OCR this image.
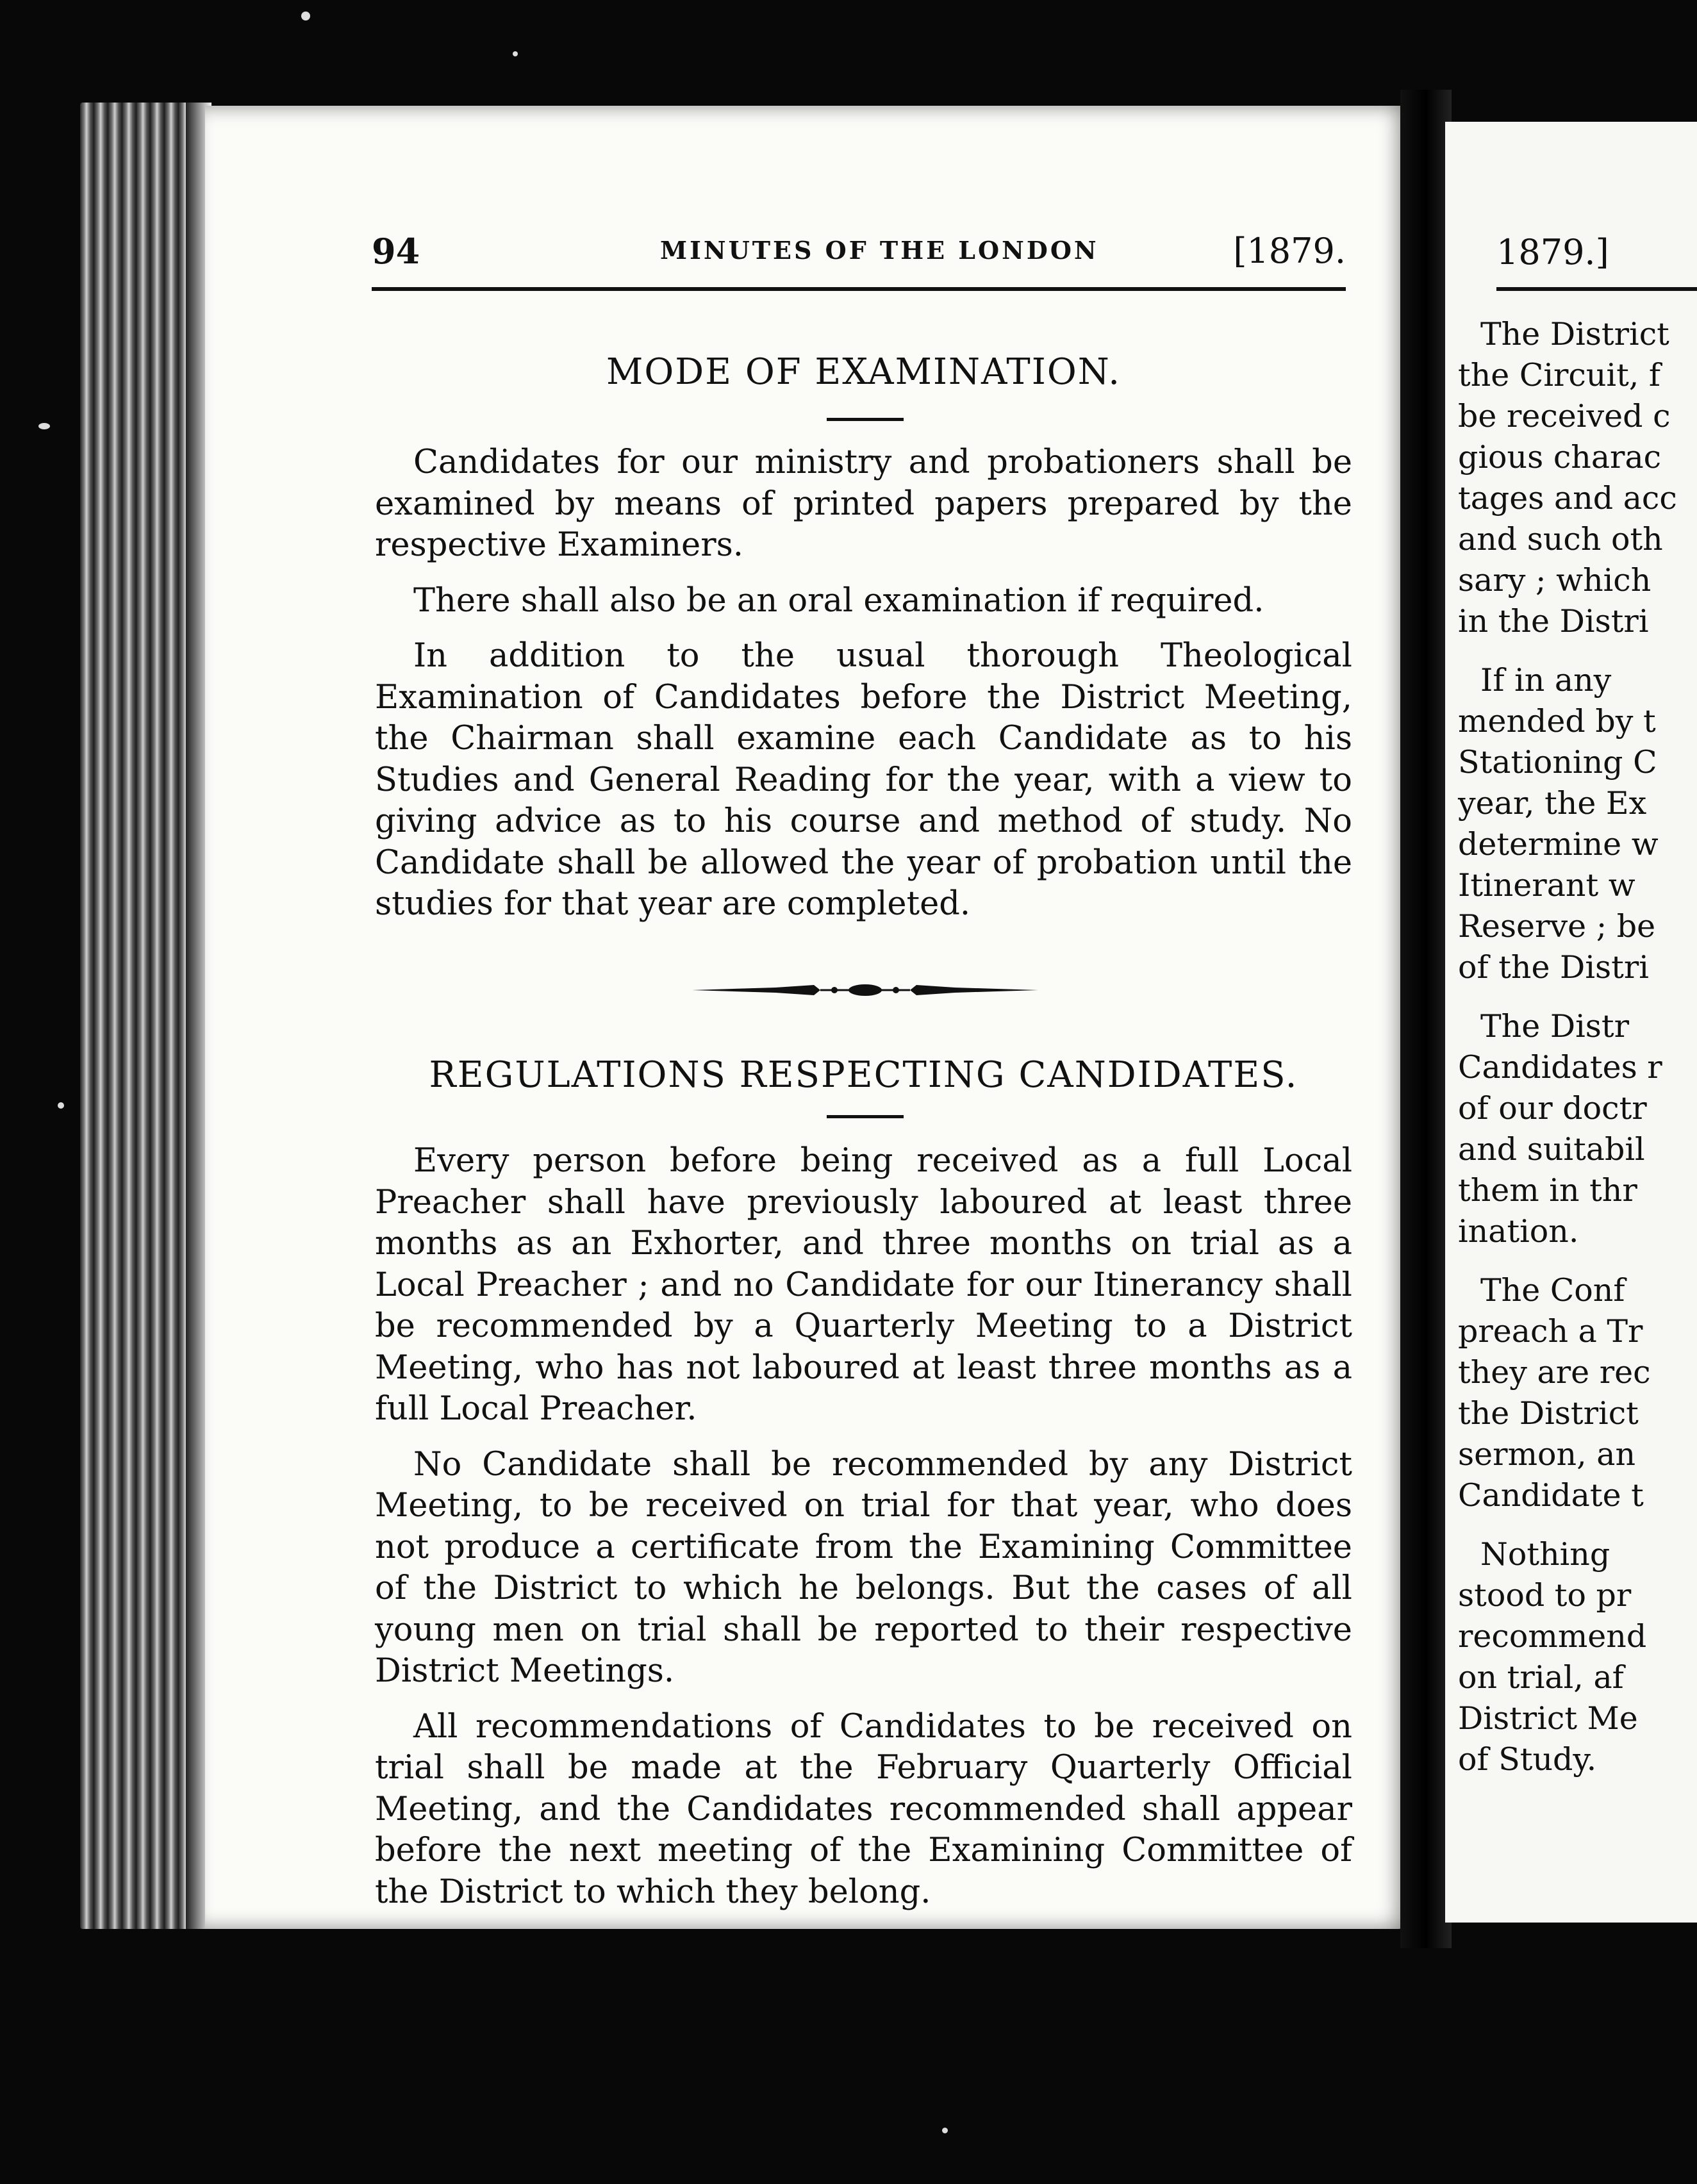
The District
the Circuit, f
be received c
gious charac
tages and acc
and such oth
sary ; which
in the Distri

If in any
mended by t
Stationing C
year, the Ex
determine w
Itinerant w
Reserve ; be
of the Distri

The Distr
Candidates r
of our doctr
and suitabil
them in thr
ination.

The Conf
preach a Tr
they are rec
the District
sermon, an
Candidate t

Nothing
stood to pr
recommend
on trial, af
District Me
of Study.

1879.]
94	MINUTES OF THE LONDON	[1879.
MODE OF EXAMINATION.

Candidates for our ministry and probationers shall be examined by means of printed papers prepared by the respective Examiners.

There shall also be an oral examination if required.

In addition to the usual thorough Theological Examination of Candidates before the District Meeting, the Chairman shall examine each Candidate as to his Studies and General Reading for the year, with a view to giving advice as to his course and method of study. No Candidate shall be allowed the year of probation until the studies for that year are completed.

REGULATIONS RESPECTING CANDIDATES.

Every person before being received as a full Local Preacher shall have previously laboured at least three months as an Exhorter, and three months on trial as a Local Preacher ; and no Candidate for our Itinerancy shall be recommended by a Quarterly Meeting to a District Meeting, who has not laboured at least three months as a full Local Preacher.

No Candidate shall be recommended by any District Meeting, to be received on trial for that year, who does not produce a certificate from the Examining Committee of the District to which he belongs. But the cases of all young men on trial shall be reported to their respective District Meetings.

All recommendations of Candidates to be received on trial shall be made at the February Quarterly Official Meeting, and the Candidates recommended shall appear before the next meeting of the Examining Committee of the District to which they belong.
